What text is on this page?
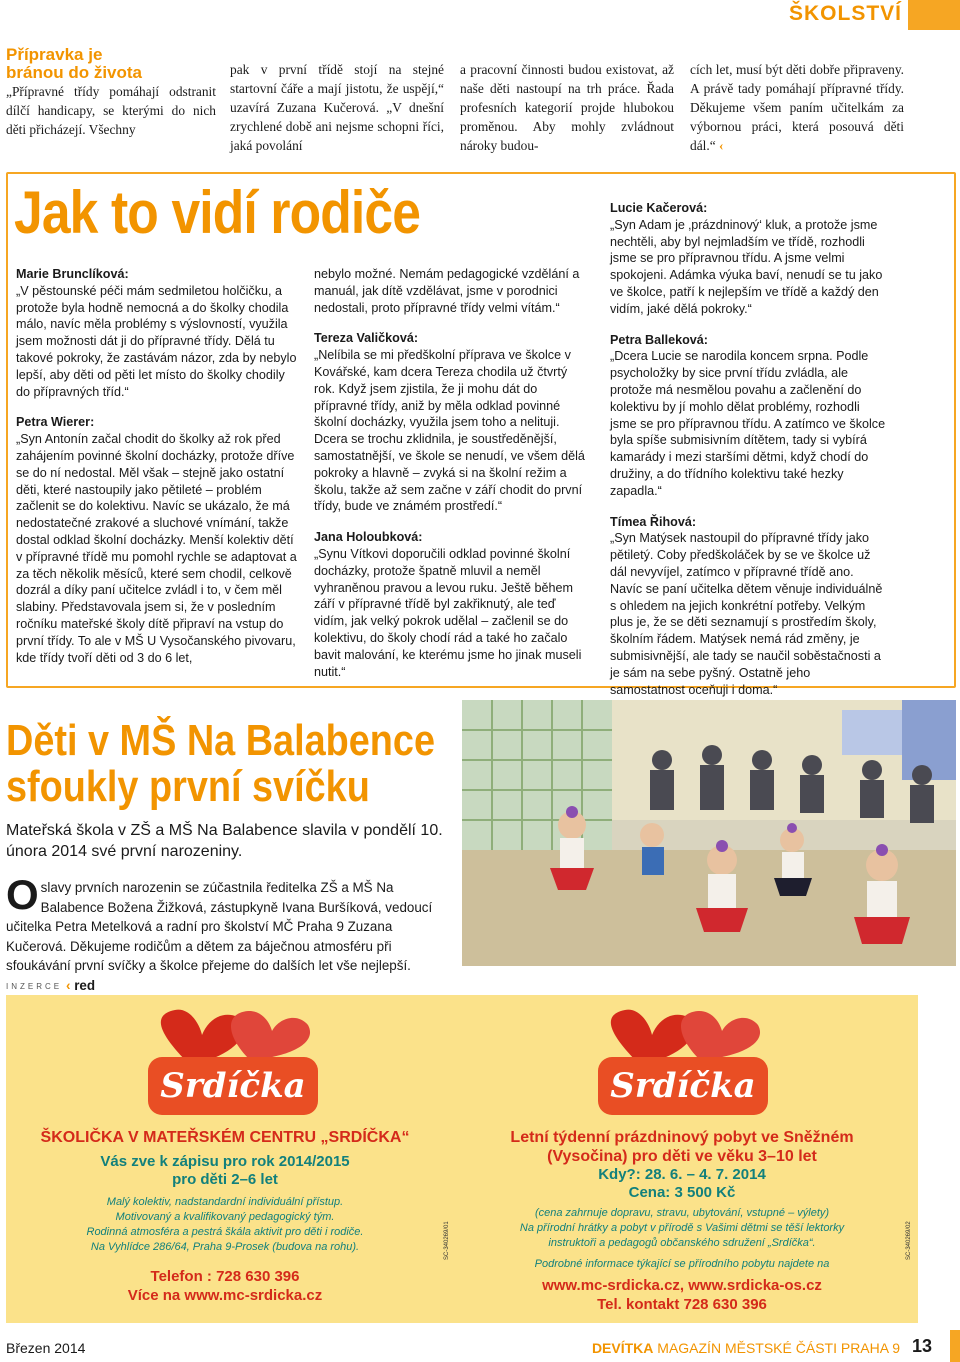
ŠKOLSTVÍ
Přípravka je
bránou do života
„Přípravné třídy pomáhají odstranit dílčí handicapy, se kterými do nich děti přicházejí. Všechny
pak v první třídě stojí na stejné startovní čáře a mají jistotu, že uspějí,“ uzavírá Zuzana Kučerová. „V dnešní zrychlené době ani nejsme schopni říci, jaká povolání
a pracovní činnosti budou existovat, až naše děti nastoupí na trh práce. Řada profesních kategorií projde hlubokou proměnou. Aby mohly zvládnout nároky budou-
cích let, musí být děti dobře připraveny. A právě tady pomáhají přípravné třídy. Děkujeme všem paním učitelkám za výbornou práci, která posouvá děti dál.“ ‹
Jak to vidí rodiče

Marie Brunclíková:
„V pěstounské péči mám sedmiletou holčičku, a protože byla hodně nemocná a do školky chodila málo, navíc měla problémy s výslovností, využila jsem možnosti dát ji do přípravné třídy. Dělá tu takové pokroky, že zastávám názor, zda by nebylo lepší, aby děti od pěti let místo do školky chodily do přípravných tříd.“

Petra Wierer:
„Syn Antonín začal chodit do školky až rok před zahájením povinné školní docházky, protože dříve se do ní nedostal. Měl však – stejně jako ostatní děti, které nastoupily jako pětileté – problém začlenit se do kolektivu. Navíc se ukázalo, že má nedostatečné zrakové a sluchové vnímání, takže dostal odklad školní docházky. Menší kolektiv dětí v přípravné třídě mu pomohl rychle se adaptovat a za těch několik měsíců, které sem chodil, celkově dozrál a díky paní učitelce zvládl i to, v čem měl slabiny. Představovala jsem si, že v posledním ročníku mateřské školy dítě připraví na vstup do první třídy. To ale v MŠ U Vysočanského pivovaru, kde třídy tvoří děti od 3 do 6 let,

nebylo možné. Nemám pedagogické vzdělání a manuál, jak dítě vzdělávat, jsme v porodnici nedostali, proto přípravné třídy velmi vítám.“

Tereza Valičková:
„Nelíbila se mi předškolní příprava ve školce v Kovářské, kam dcera Tereza chodila už čtvrtý rok. Když jsem zjistila, že ji mohu dát do přípravné třídy, aniž by měla odklad povinné školní docházky, využila jsem toho a nelituji. Dcera se trochu zklidnila, je soustředěnější, samostatnější, ve škole se nenudí, ve všem dělá pokroky a hlavně – zvyká si na školní režim a školu, takže až sem začne v září chodit do první třídy, bude ve známém prostředí.“

Jana Holoubková:
„Synu Vítkovi doporučili odklad povinné školní docházky, protože špatně mluvil a neměl vyhraněnou pravou a levou ruku. Ještě během září v přípravné třídě byl zakřiknutý, ale teď vidím, jak velký pokrok udělal – začlenil se do kolektivu, do školy chodí rád a také ho začalo bavit malování, ke kterému jsme ho jinak museli nutit.“

Lucie Kačerová:
„Syn Adam je ‚prázdninový‘ kluk, a protože jsme nechtěli, aby byl nejmladším ve třídě, rozhodli jsme se pro přípravnou třídu. A jsme velmi spokojeni. Adámka výuka baví, nenudí se tu jako ve školce, patří k nejlepším ve třídě a každý den vidím, jaké dělá pokroky.“

Petra Balleková:
„Dcera Lucie se narodila koncem srpna. Podle psycholožky by sice první třídu zvládla, ale protože má nesmělou povahu a začlenění do kolektivu by jí mohlo dělat problémy, rozhodli jsme se pro přípravnou třídu. A zatímco ve školce byla spíše submisivním dítětem, tady si vybírá kamarády i mezi staršími dětmi, když chodí do družiny, a do třídního kolektivu také hezky zapadla.“

Tímea Řihová:
„Syn Matýsek nastoupil do přípravné třídy jako pětiletý. Coby předškoláček by se ve školce už dál nevyvíjel, zatímco v přípravné třídě ano. Navíc se paní učitelka dětem věnuje individuálně s ohledem na jejich konkrétní potřeby. Velkým plus je, že se děti seznamují s prostředím školy, školním řádem. Matýsek nemá rád změny, je submisivnější, ale tady se naučil soběstačnosti a je sám na sebe pyšný. Ostatně jeho samostatnost oceňuji i doma.“

Děti v MŠ Na Balabence
sfoukly první svíčku
Mateřská škola v ZŠ a MŠ Na Balabence slavila v pondělí 10. února 2014 své první narozeniny.
O slavy prvních narozenin se zúčastnila ředitelka ZŠ a MŠ Na Balabence Božena Žižková, zástupkyně Ivana Buršíková, vedoucí učitelka Petra Metelková a radní pro školství MČ Praha 9 Zuzana Kučerová. Děkujeme rodičům a dětem za báječnou atmosféru při sfoukávání první svíčky a školce přejeme do dalších let vše nejlepší. ‹ red
INZERCE
Srdíčka	Srdíčka
ŠKOLIČKA V MATEŘSKÉM CENTRU „SRDÍČKA“
Vás zve k zápisu pro rok 2014/2015
pro děti 2–6 let
Malý kolektiv, nadstandardní individuální přístup.
Motivovaný a kvalifikovaný pedagogický tým.
Rodinná atmosféra a pestrá škála aktivit pro děti i rodiče.
Na Vyhlídce 286/64, Praha 9-Prosek (budova na rohu).
Telefon : 728 630 396
Více na www.mc-srdicka.cz
SC-340269/01
Letní týdenní prázdninový pobyt ve Sněžném
(Vysočina) pro děti ve věku 3–10 let
Kdy?: 28. 6. – 4. 7. 2014
Cena: 3 500 Kč
(cena zahrnuje dopravu, stravu, ubytování, vstupné – výlety)
Na přírodní hrátky a pobyt v přírodě s Vašimi dětmi se těší lektorky
instruktoři a pedagogů občanského sdružení „Srdíčka“.
Podrobné informace týkající se přírodního pobytu najdete na
www.mc-srdicka.cz, www.srdicka-os.cz
Tel. kontakt 728 630 396
SC-340269/02
Březen 2014	DEVÍTKA MAGAZÍN MĚSTSKÉ ČÁSTI PRAHA 9 13
